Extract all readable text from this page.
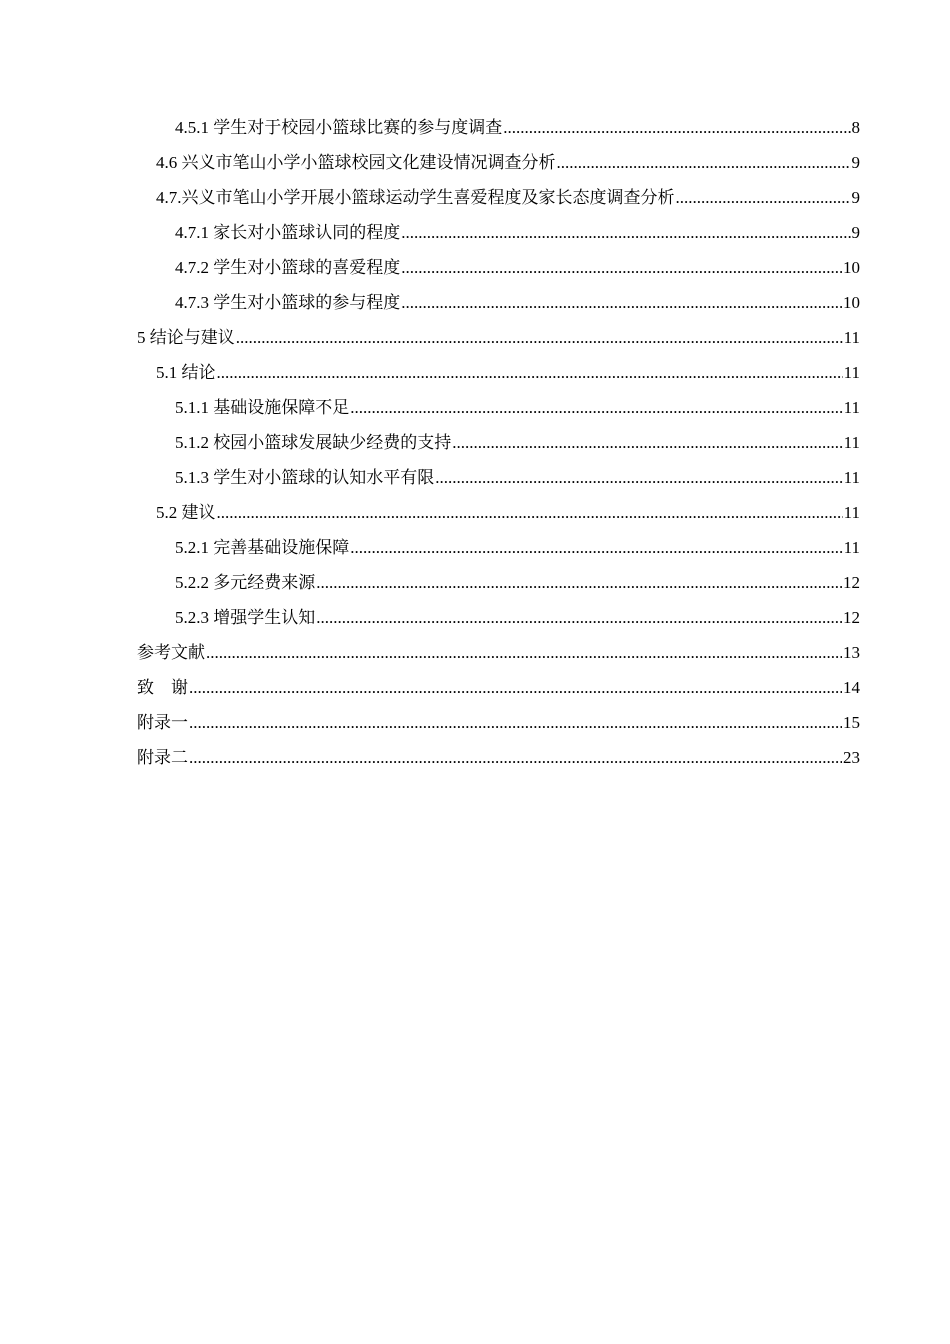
4.5.1 学生对于校园小篮球比赛的参与度调查 .....	8
4.6 兴义市笔山小学小篮球校园文化建设情况调查分析 .....	9
4.7.兴义市笔山小学开展小篮球运动学生喜爱程度及家长态度调查分析 .....	9
4.7.1 家长对小篮球认同的程度 .....	9
4.7.2 学生对小篮球的喜爱程度 .....	10
4.7.3 学生对小篮球的参与程度 .....	10
5 结论与建议 .....	11
5.1 结论 .....	11
5.1.1 基础设施保障不足 .....	11
5.1.2 校园小篮球发展缺少经费的支持 .....	11
5.1.3 学生对小篮球的认知水平有限 .....	11
5.2 建议 .....	11
5.2.1 完善基础设施保障 .....	11
5.2.2 多元经费来源 .....	12
5.2.3 增强学生认知 .....	12
参考文献 .....	13
致    谢 .....	14
附录一 .....	15
附录二 .....	23
